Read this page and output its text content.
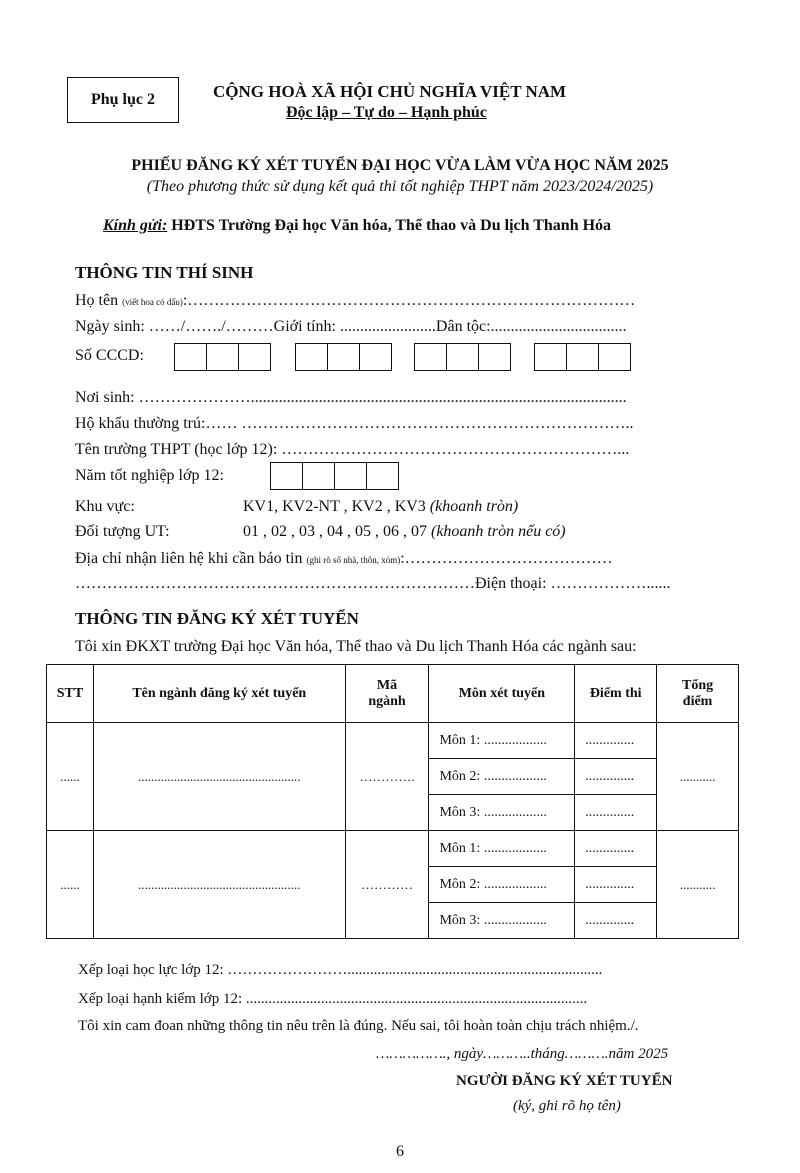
Phụ lục 2	CỘNG HOÀ XÃ HỘI CHỦ NGHĨA VIỆT NAM
Độc lập – Tự do – Hạnh phúc
PHIẾU ĐĂNG KÝ XÉT TUYỂN ĐẠI HỌC VỪA LÀM VỪA HỌC NĂM 2025
(Theo phương thức sử dụng kết quả thi tốt nghiệp THPT năm 2023/2024/2025)
Kính gửi: HĐTS Trường Đại học Văn hóa, Thể thao và Du lịch Thanh Hóa
THÔNG TIN THÍ SINH
Họ tên (viết hoa có dấu):…………………………………………………………………………
Ngày sinh: ……/……./………Giới tính: ........................Dân tộc:..................................
Số CCCD:
Nơi sinh: …………………..............................................................................................
Hộ khẩu thường trú:…… ………………………………………………………………..
Tên trường THPT (học lớp 12): ………………………………………………………...
Năm tốt nghiệp lớp 12:
Khu vực:	KV1, KV2-NT , KV2 , KV3 (khoanh tròn)
Đối tượng UT:	01 , 02 , 03 , 04 , 05 , 06 , 07 (khoanh tròn nếu có)
Địa chỉ nhận liên hệ khi cần báo tin (ghi rõ số nhà, thôn, xóm):…………………………………
…………………………………………………………………Điện thoại: ………………......
THÔNG TIN ĐĂNG KÝ XÉT TUYỂN
Tôi xin ĐKXT trường Đại học Văn hóa, Thể thao và Du lịch Thanh Hóa các ngành sau:
STT	Tên ngành đăng ký xét tuyển	Mã
ngành	Môn xét tuyển	Điểm thi	Tổng
điểm
......	..................................................	………….	Môn 1: ..................	..............	...........
			Môn 2: ..................	..............	
			Môn 3: ..................	..............	
......	..................................................	…………	Môn 1: ..................	..............	...........
			Môn 2: ..................	..............	
			Môn 3: ..................	..............	
Xếp loại học lực lớp 12: ……………………....................................................................
Xếp loại hạnh kiểm lớp 12: ...........................................................................................
Tôi xin cam đoan những thông tin nêu trên là đúng. Nếu sai, tôi hoàn toàn chịu trách nhiệm./.
……………., ngày………..tháng……….năm 2025
NGƯỜI ĐĂNG KÝ XÉT TUYỂN
(ký, ghi rõ họ tên)
6
